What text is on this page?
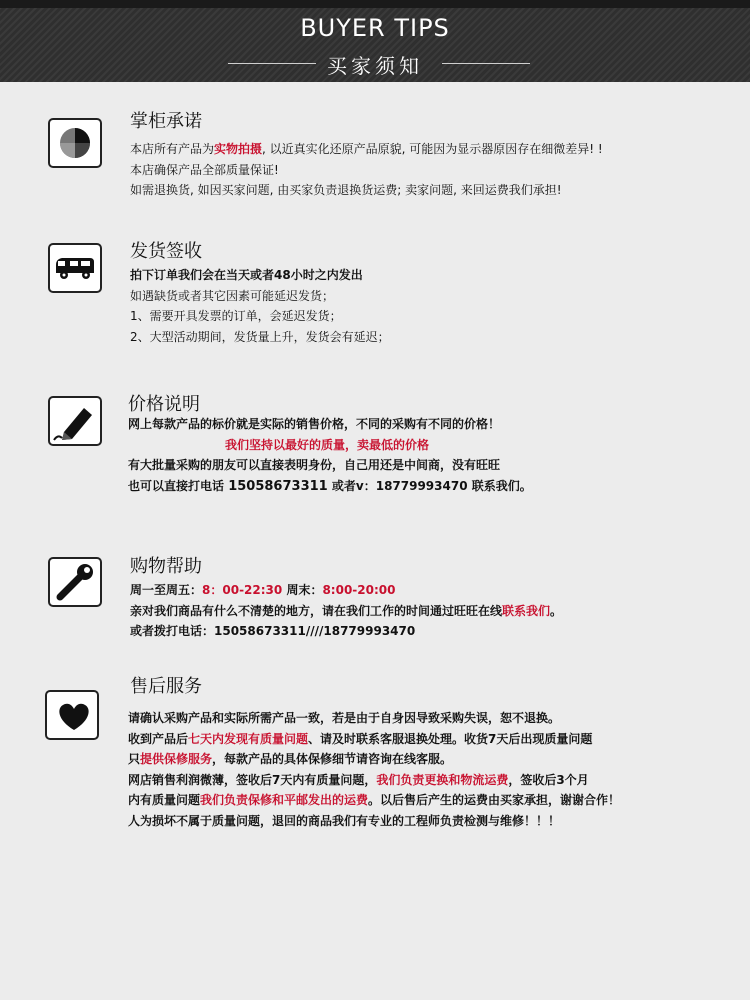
BUYER TIPS
买家须知
掌柜承诺
本店所有产品为实物拍摄, 以近真实化还原产品原貌, 可能因为显示器原因存在细微差异! !
本店确保产品全部质量保证!
如需退换货, 如因买家问题, 由买家负责退换货运费; 卖家问题, 来回运费我们承担!
发货签收
拍下订单我们会在当天或者48小时之内发出
如遇缺货或者其它因素可能延迟发货；
1、需要开具发票的订单，会延迟发货；
2、大型活动期间，发货量上升，发货会有延迟；
价格说明
网上每款产品的标价就是实际的销售价格，不同的采购有不同的价格！
我们坚持以最好的质量，卖最低的价格
有大批量采购的朋友可以直接表明身份，自己用还是中间商，没有旺旺
也可以直接打电话 15058673311 或者v：18779993470 联系我们。
购物帮助
周一至周五：8：00-22:30 周末：8:00-20:00
亲对我们商品有什么不清楚的地方，请在我们工作的时间通过旺旺在线联系我们。
或者拨打电话：15058673311////18779993470
售后服务
请确认采购产品和实际所需产品一致，若是由于自身因导致采购失误，恕不退换。
收到产品后七天内发现有质量问题、请及时联系客服退换处理。收货7天后出现质量问题
只提供保修服务，每款产品的具体保修细节请咨询在线客服。
网店销售利润微薄，签收后7天内有质量问题，我们负责更换和物流运费，签收后3个月
内有质量问题我们负责保修和平邮发出的运费。以后售后产生的运费由买家承担，谢谢合作！
人为损坏不属于质量问题，退回的商品我们有专业的工程师负责检测与维修！！！
